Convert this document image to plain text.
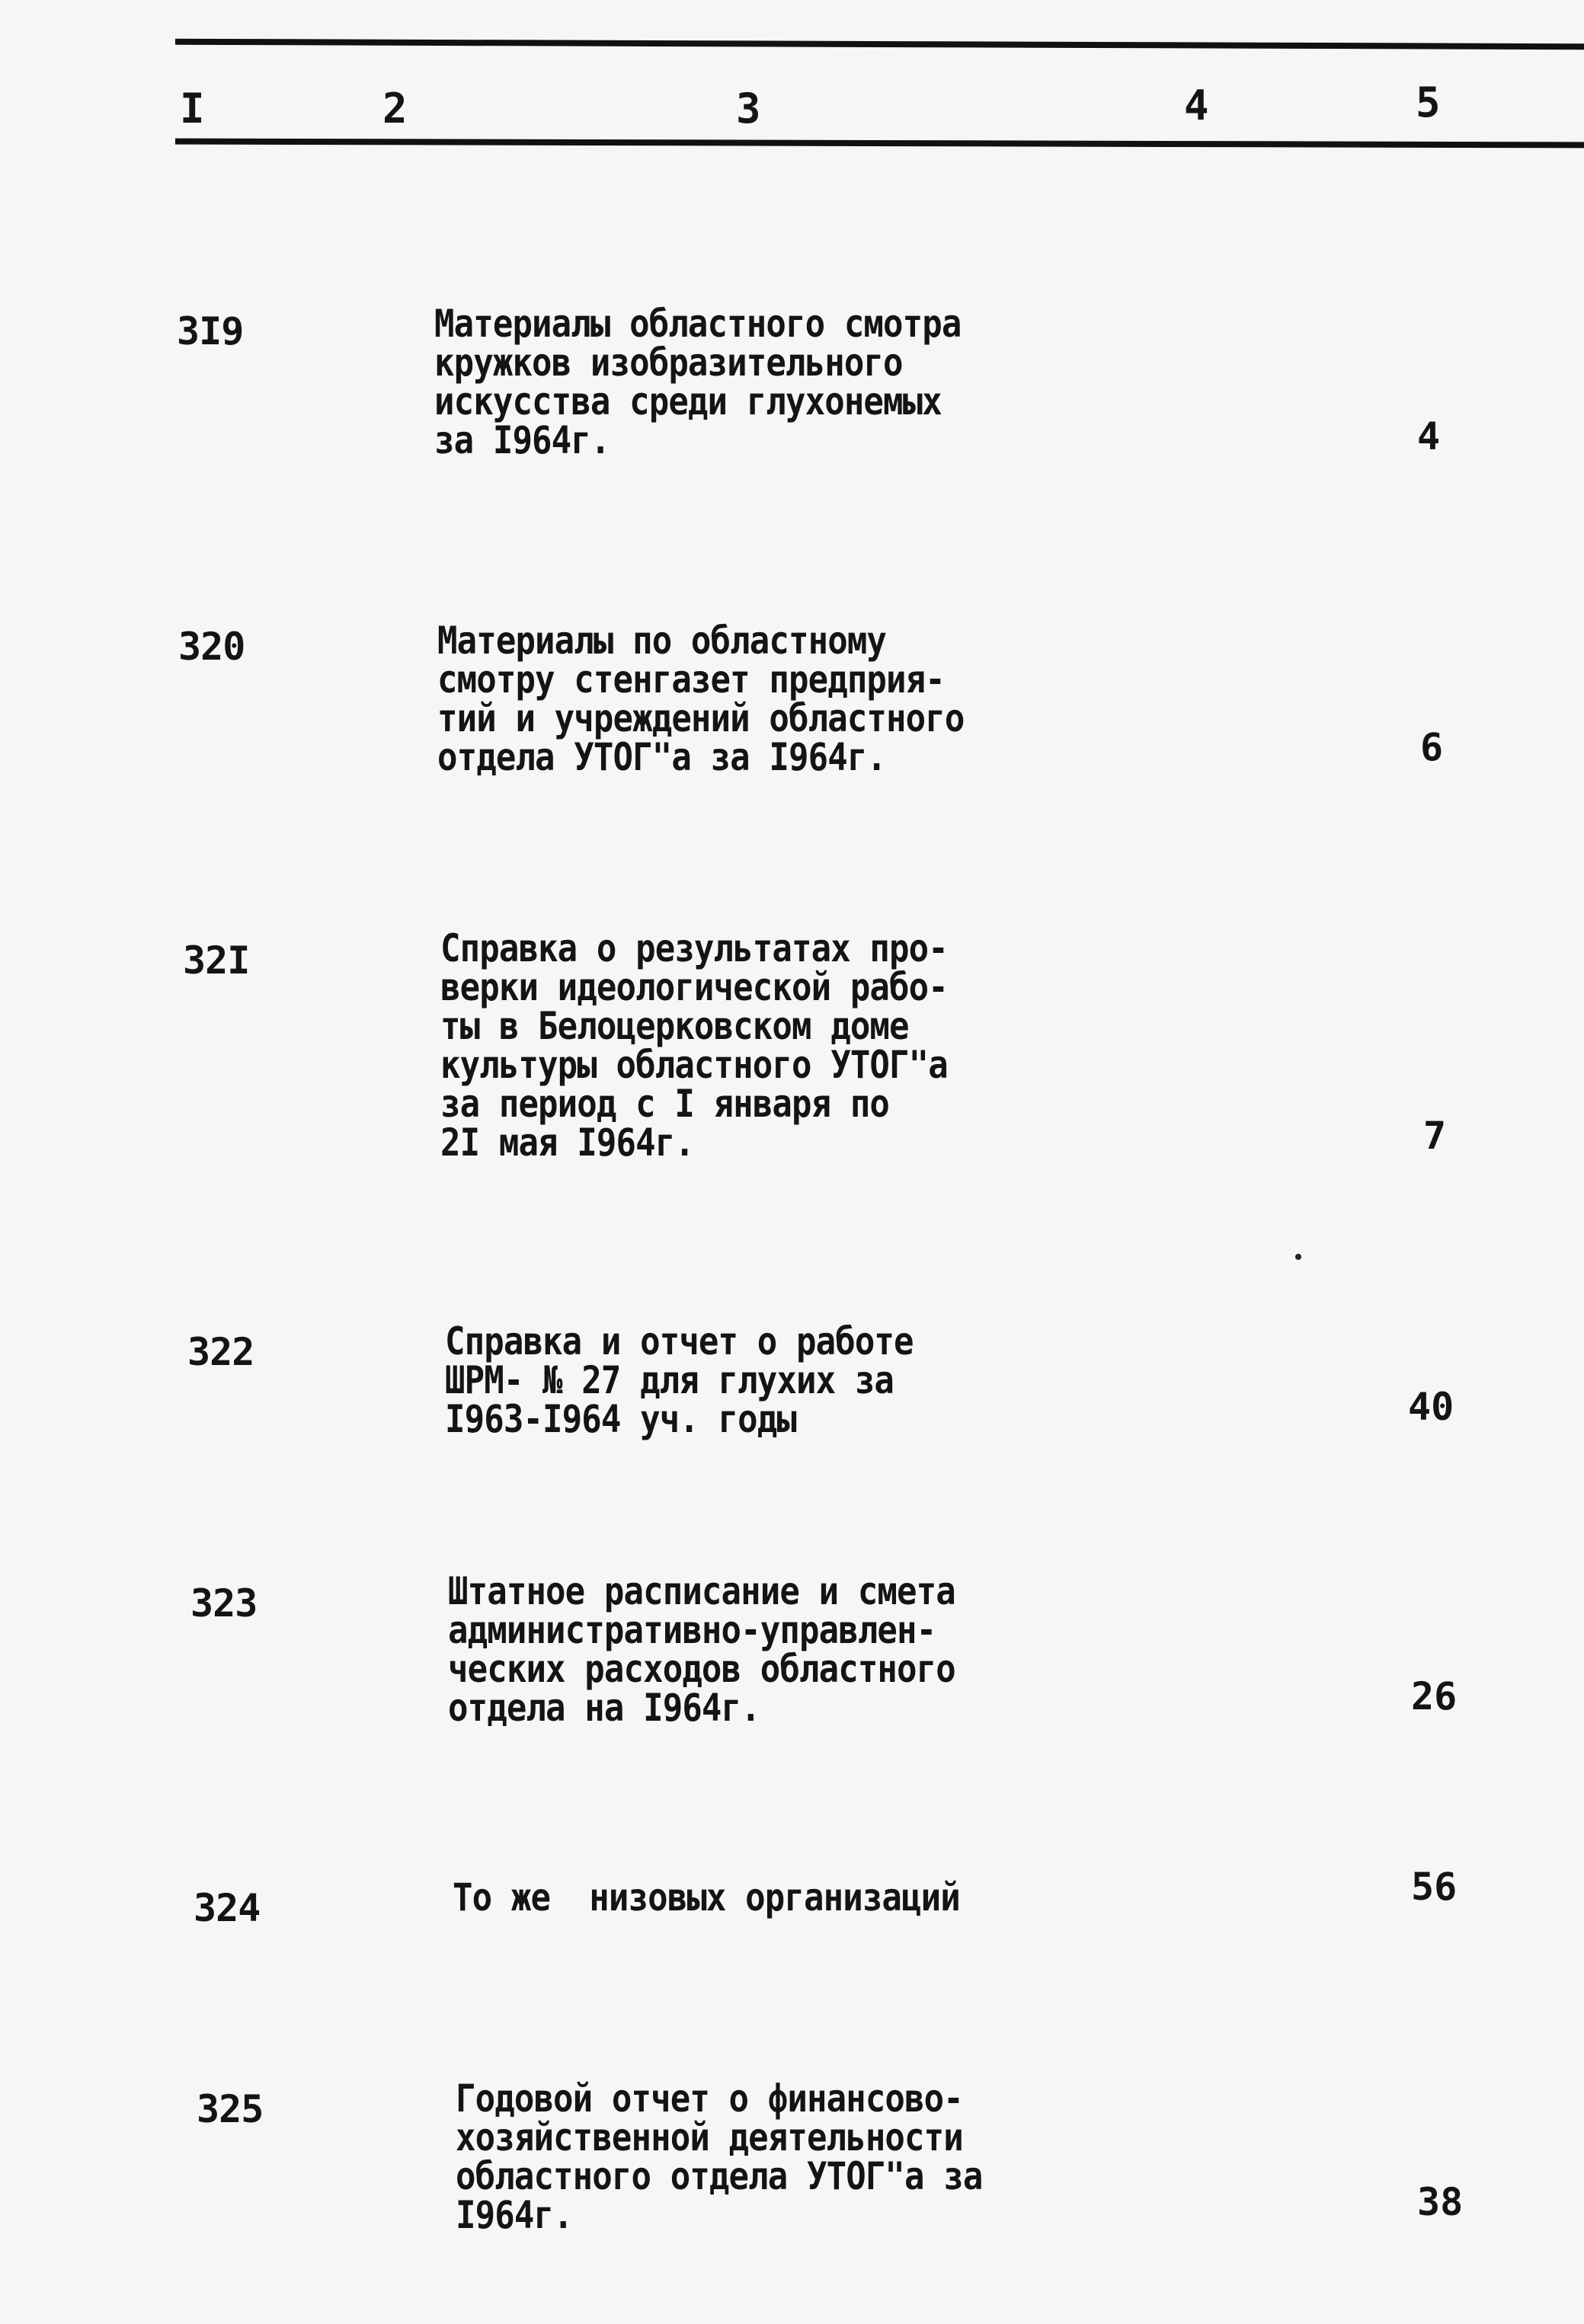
I	2	3	4	5
3I9	Материалы областного смотра
кружков изобразительного
искусства среди глухонемых
за I964г.	4
320	Материалы по областному
смотру стенгазет предприя-
тий и учреждений областного
отдела УТОГ"а за I964г.	6
32I	Справка о результатах про-
верки идеологической рабо-
ты в Белоцерковском доме
культуры областного УТОГ"а
за период с I января по
2I мая I964г.	7
322	Справка и отчет о работе
ШРМ- № 27 для глухих за
I963-I964 уч. годы	40
323	Штатное расписание и смета
административно-управлен-
ческих расходов областного
отдела на I964г.	26
324	То же  низовых организаций	56
325	Годовой отчет о финансово-
хозяйственной деятельности
областного отдела УТОГ"а за
I964г.	38
